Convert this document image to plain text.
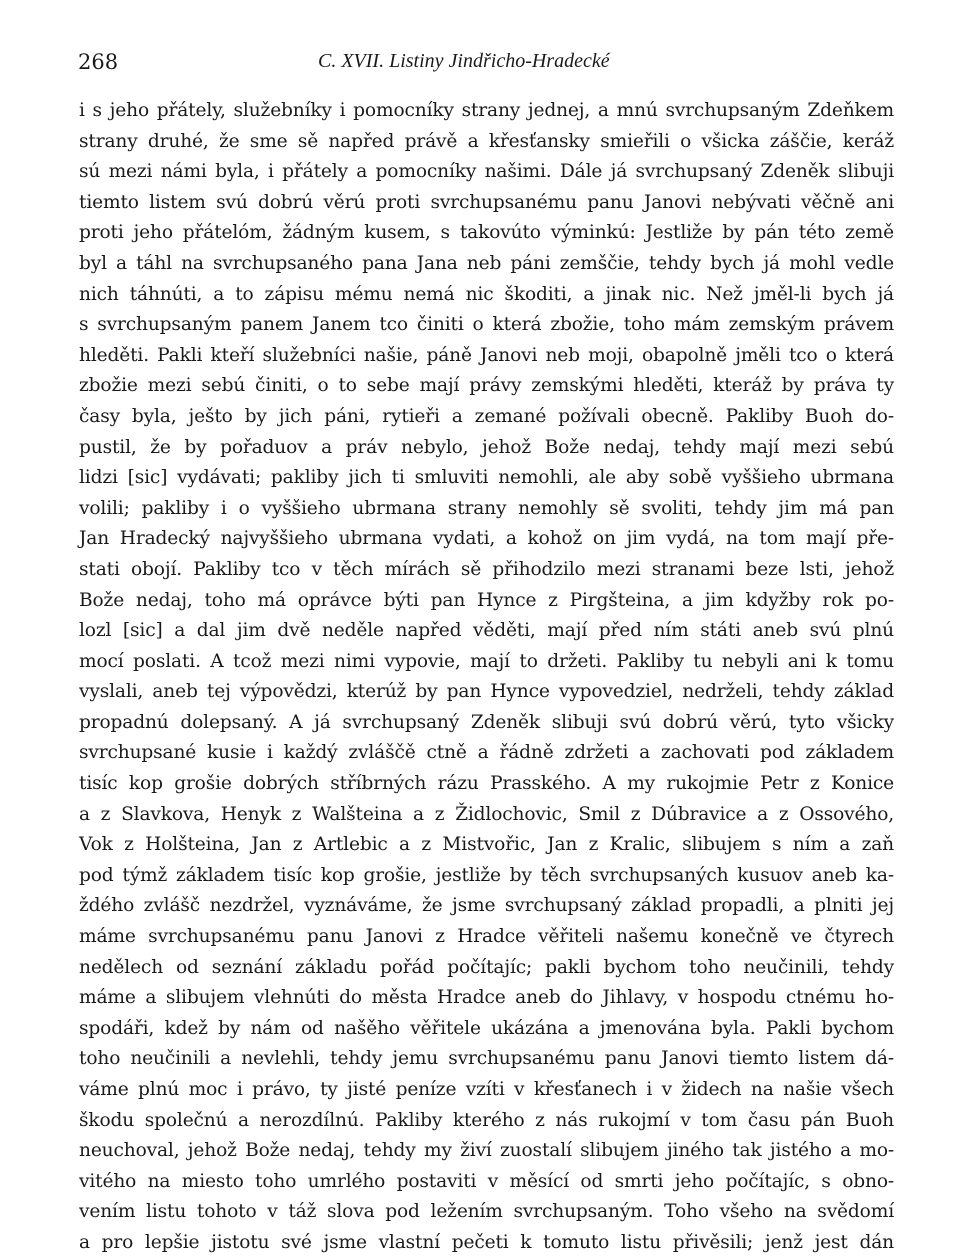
268	C. XVII. Listiny Jindřicho-Hradecké
i s jeho přátely, služebníky i pomocníky strany jednej, a mnú svrchupsaným Zdeňkem
strany druhé, že sme sě napřed právě a křesťansky smieřili o všicka záščie, keráž
sú mezi námi byla, i přátely a pomocníky našimi. Dále já svrchupsaný Zdeněk slibuji
tiemto listem svú dobrú věrú proti svrchupsanému panu Janovi nebývati věčně ani
proti jeho přátelóm, žádným kusem, s takovúto výminkú: Jestliže by pán této země
byl a táhl na svrchupsaného pana Jana neb páni zemščie, tehdy bych já mohl vedle
nich táhnúti, a to zápisu mému nemá nic škoditi, a jinak nic. Než jměl-li bych já
s svrchupsaným panem Janem tco činiti o která zbožie, toho mám zemským právem
hleděti. Pakli kteří služebníci našie, páně Janovi neb moji, obapolně jměli tco o která
zbožie mezi sebú činiti, o to sebe mají právy zemskými hleděti, kteráž by práva ty
časy byla, ješto by jich páni, rytieři a zemané požívali obecně. Pakliby Buoh do-
pustil, že by pořaduov a práv nebylo, jehož Bože nedaj, tehdy mají mezi sebú
lidzi [sic] vydávati; pakliby jich ti smluviti nemohli, ale aby sobě vyššieho ubrmana
volili; pakliby i o vyššieho ubrmana strany nemohly sě svoliti, tehdy jim má pan
Jan Hradecký najvyššieho ubrmana vydati, a kohož on jim vydá, na tom mají pře-
stati obojí. Pakliby tco v těch mírách sě přihodzilo mezi stranami beze lsti, jehož
Bože nedaj, toho má oprávce býti pan Hynce z Pirgšteina, a jim kdyžby rok po-
lozl [sic] a dal jim dvě neděle napřed věděti, mají před ním státi aneb svú plnú
mocí poslati. A tcož mezi nimi vypovie, mají to držeti. Pakliby tu nebyli ani k tomu
vyslali, aneb tej výpovědzi, kterúž by pan Hynce vypovedziel, nedrželi, tehdy základ
propadnú dolepsaný. A já svrchupsaný Zdeněk slibuji svú dobrú věrú, tyto všicky
svrchupsané kusie i každý zvláščě ctně a řádně zdržeti a zachovati pod základem
tisíc kop grošie dobrých stříbrných rázu Prasského. A my rukojmie Petr z Konice
a z Slavkova, Henyk z Walšteina a z Židlochovic, Smil z Dúbravice a z Ossového,
Vok z Holšteina, Jan z Artlebic a z Mistvořic, Jan z Kralic, slibujem s ním a zaň
pod týmž základem tisíc kop grošie, jestliže by těch svrchupsaných kusuov aneb ka-
ždého zvlášč nezdržel, vyznáváme, že jsme svrchupsaný základ propadli, a plniti jej
máme svrchupsanému panu Janovi z Hradce věřiteli našemu konečně ve čtyrech
nedělech od seznání základu pořád počítajíc; pakli bychom toho neučinili, tehdy
máme a slibujem vlehnúti do města Hradce aneb do Jihlavy, v hospodu ctnému ho-
spodáři, kdež by nám od našěho věřitele ukázána a jmenována byla. Pakli bychom
toho neučinili a nevlehli, tehdy jemu svrchupsanému panu Janovi tiemto listem dá-
váme plnú moc i právo, ty jisté peníze vzíti v křesťanech i v židech na našie všech
škodu společnú a nerozdílnú. Pakliby kterého z nás rukojmí v tom času pán Buoh
neuchoval, jehož Bože nedaj, tehdy my živí zuostalí slibujem jiného tak jistého a mo-
vitého na miesto toho umrlého postaviti v měsící od smrti jeho počítajíc, s obno-
vením listu tohoto v táž slova pod ležením svrchupsaným. Toho všeho na svědomí
a pro lepšie jistotu své jsme vlastní pečeti k tomuto listu přivěsili; jenž jest dán
